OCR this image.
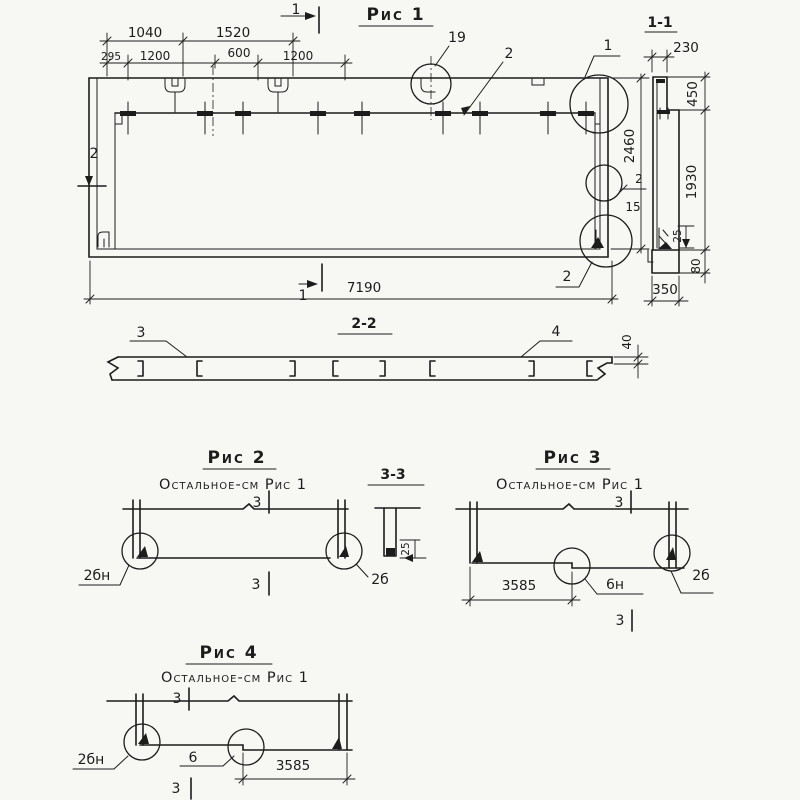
Рис 1
1
19
2	1
2
15
2
2
1040	1520
295 1200	600	1200
2460
7190
1
1-1
230
450
1930
80
25
350
2-2
3	4
40
Рис 2
Остальное-см Рис 1
3
2бн	2б
3
3-3
25
Рис 3
Остальное-см Рис 1
3
3585	6н
2б
3
Рис 4
Остальное-см Рис 1
3
2бн	6	3585
3
